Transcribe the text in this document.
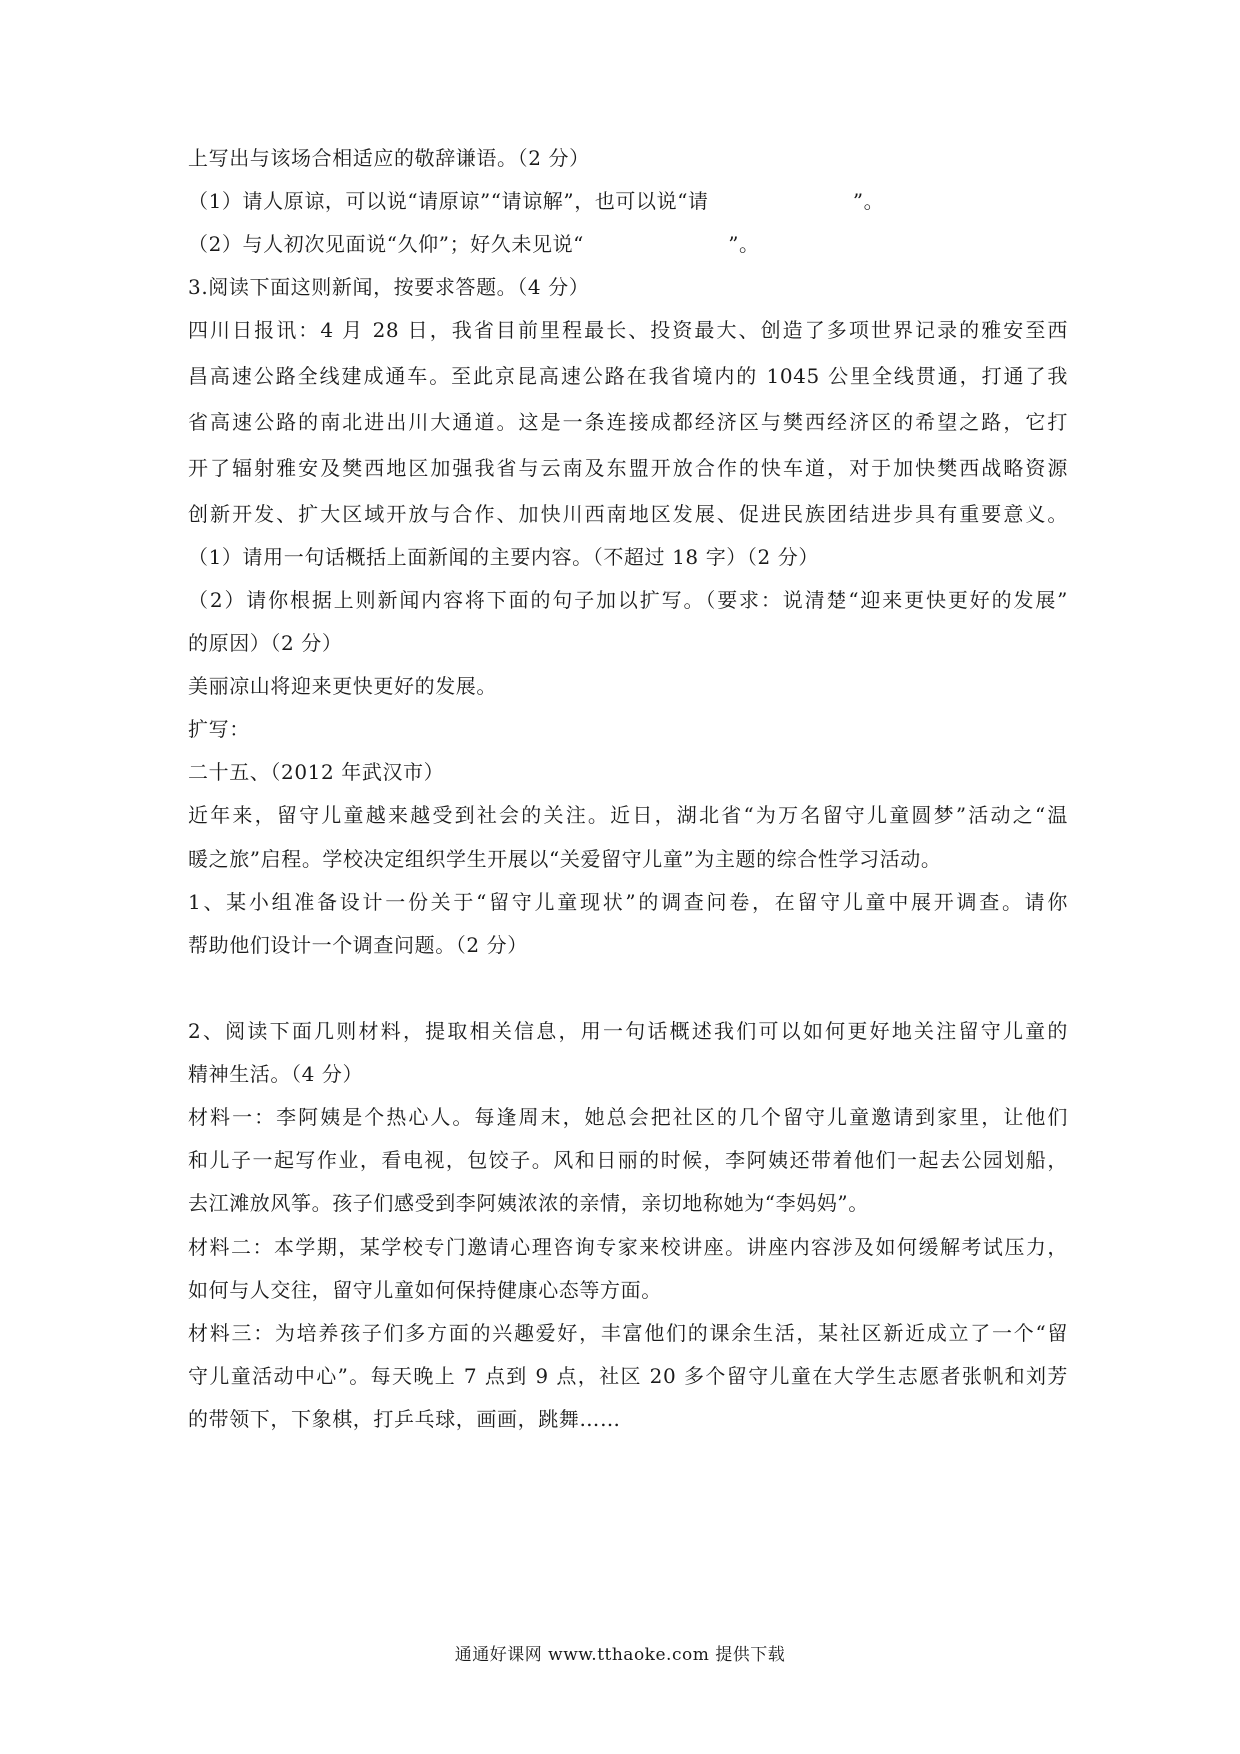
上写出与该场合相适应的敬辞谦语。（2 分）
（1）请人原谅，可以说“请原谅”“请谅解”，也可以说“请　　　　　　　”。
（2）与人初次见面说“久仰”；好久未见说“　　　　　　　”。
3.阅读下面这则新闻，按要求答题。（4 分）
四川日报讯：4 月 28 日，我省目前里程最长、投资最大、创造了多项世界记录的雅安至西
昌高速公路全线建成通车。至此京昆高速公路在我省境内的 1045 公里全线贯通，打通了我
省高速公路的南北进出川大通道。这是一条连接成都经济区与樊西经济区的希望之路，它打
开了辐射雅安及樊西地区加强我省与云南及东盟开放合作的快车道，对于加快樊西战略资源
创新开发、扩大区域开放与合作、加快川西南地区发展、促进民族团结进步具有重要意义。
（1）请用一句话概括上面新闻的主要内容。（不超过 18 字）（2 分）
（2）请你根据上则新闻内容将下面的句子加以扩写。（要求：说清楚“迎来更快更好的发展”
的原因）（2 分）
美丽凉山将迎来更快更好的发展。
扩写：
二十五、（2012 年武汉市）
近年来，留守儿童越来越受到社会的关注。近日，湖北省“为万名留守儿童圆梦”活动之“温
暖之旅”启程。学校决定组织学生开展以“关爱留守儿童”为主题的综合性学习活动。
1、某小组准备设计一份关于“留守儿童现状”的调查问卷，在留守儿童中展开调查。请你
帮助他们设计一个调查问题。（2 分）
2、阅读下面几则材料，提取相关信息，用一句话概述我们可以如何更好地关注留守儿童的
精神生活。（4 分）
材料一：李阿姨是个热心人。每逢周末，她总会把社区的几个留守儿童邀请到家里，让他们
和儿子一起写作业，看电视，包饺子。风和日丽的时候，李阿姨还带着他们一起去公园划船，
去江滩放风筝。孩子们感受到李阿姨浓浓的亲情，亲切地称她为“李妈妈”。
材料二：本学期，某学校专门邀请心理咨询专家来校讲座。讲座内容涉及如何缓解考试压力，
如何与人交往，留守儿童如何保持健康心态等方面。
材料三：为培养孩子们多方面的兴趣爱好，丰富他们的课余生活，某社区新近成立了一个“留
守儿童活动中心”。每天晚上 7 点到 9 点，社区 20 多个留守儿童在大学生志愿者张帆和刘芳
的带领下，下象棋，打乒乓球，画画，跳舞……
通通好课网 www.tthaoke.com 提供下载
